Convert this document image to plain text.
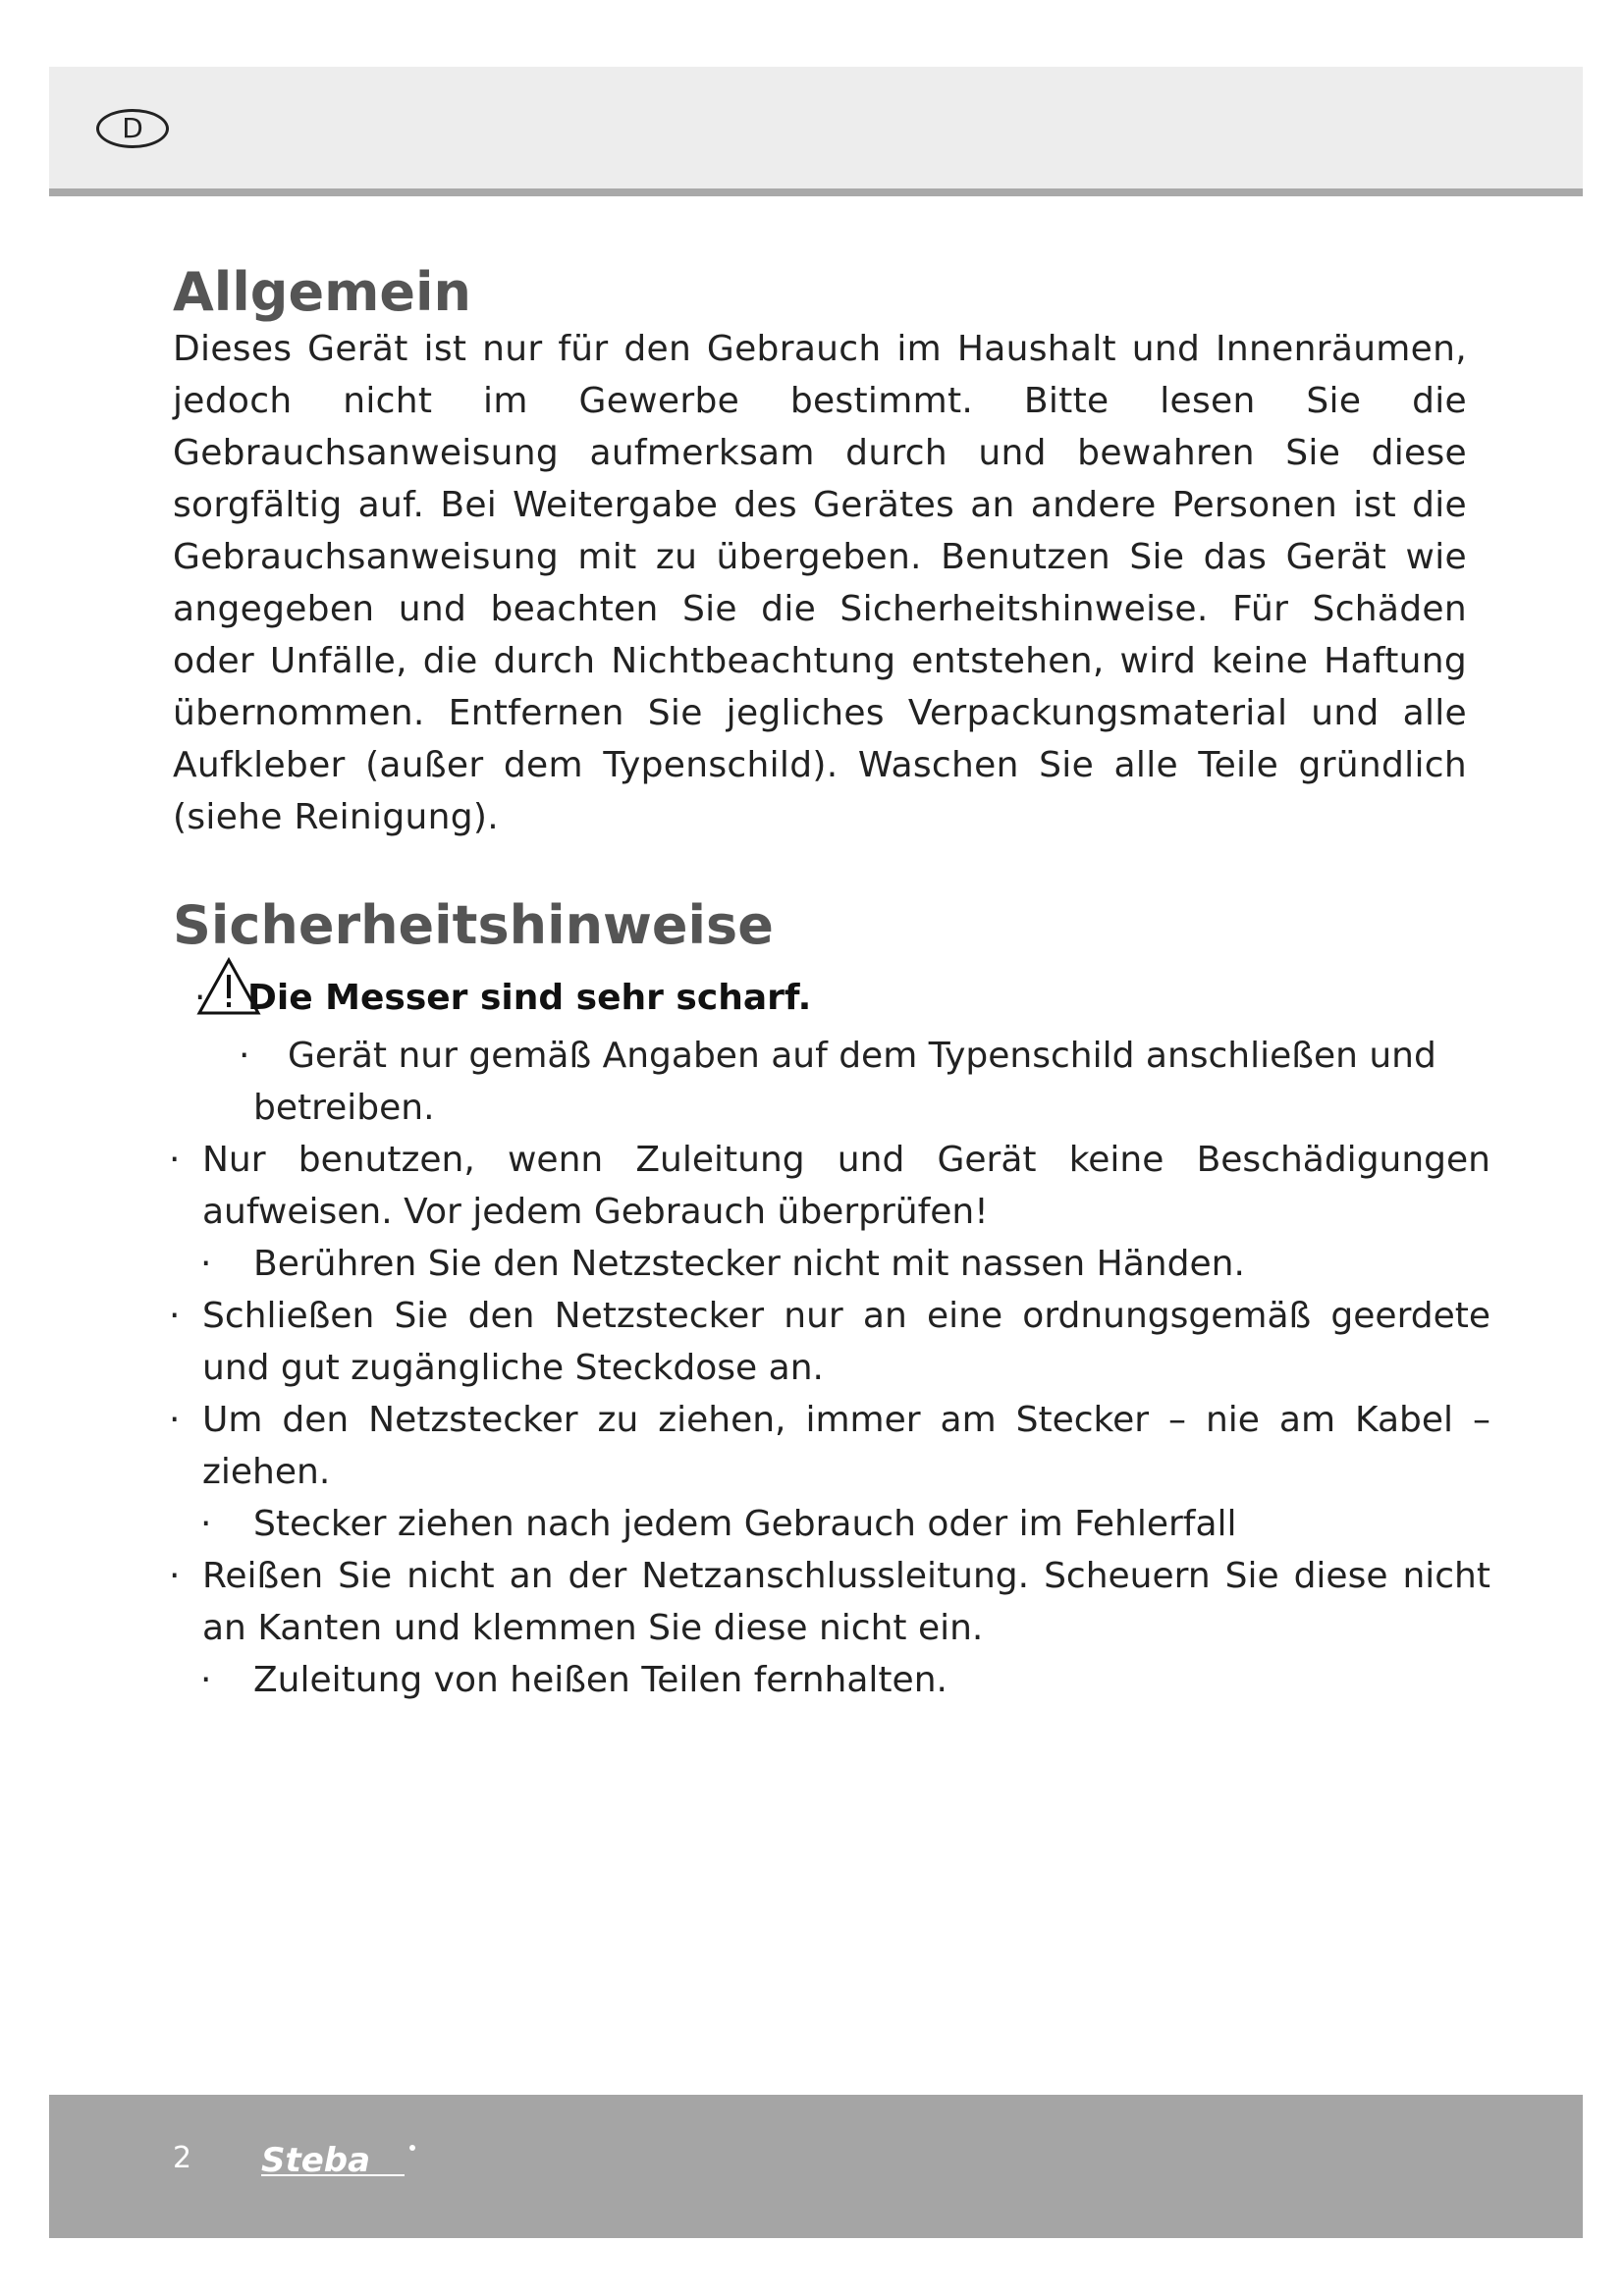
D
Allgemein

Dieses Gerät ist nur für den Gebrauch im Haushalt und Innenräumen, jedoch nicht im Gewerbe bestimmt. Bitte lesen Sie die Gebrauchsanweisung aufmerksam durch und bewahren Sie diese sorgfältig auf. Bei Weitergabe des Gerätes an andere Personen ist die Gebrauchsanweisung mit zu übergeben. Benutzen Sie das Gerät wie angegeben und beachten Sie die Sicherheitshinweise. Für Schäden oder Unfälle, die durch Nichtbeachtung entstehen, wird keine Haftung übernommen. Entfernen Sie jegliches Verpackungsmaterial und alle Aufkleber (außer dem Typenschild). Waschen Sie alle Teile gründlich (siehe Reinigung).

Sicherheitshinweise
· Die Messer sind sehr scharf.
· Gerät nur gemäß Angaben auf dem Typenschild anschließen und betreiben.
· Nur benutzen, wenn Zuleitung und Gerät keine Beschädigungen aufweisen. Vor jedem Gebrauch überprüfen!
· Berühren Sie den Netzstecker nicht mit nassen Händen.
· Schließen Sie den Netzstecker nur an eine ordnungsgemäß geerdete und gut zugängliche Steckdose an.
· Um den Netzstecker zu ziehen, immer am Stecker – nie am Kabel – ziehen.
· Stecker ziehen nach jedem Gebrauch oder im Fehlerfall
· Reißen Sie nicht an der Netzanschlussleitung. Scheuern Sie diese nicht an Kanten und klemmen Sie diese nicht ein.
· Zuleitung von heißen Teilen fernhalten.
2 Steba
